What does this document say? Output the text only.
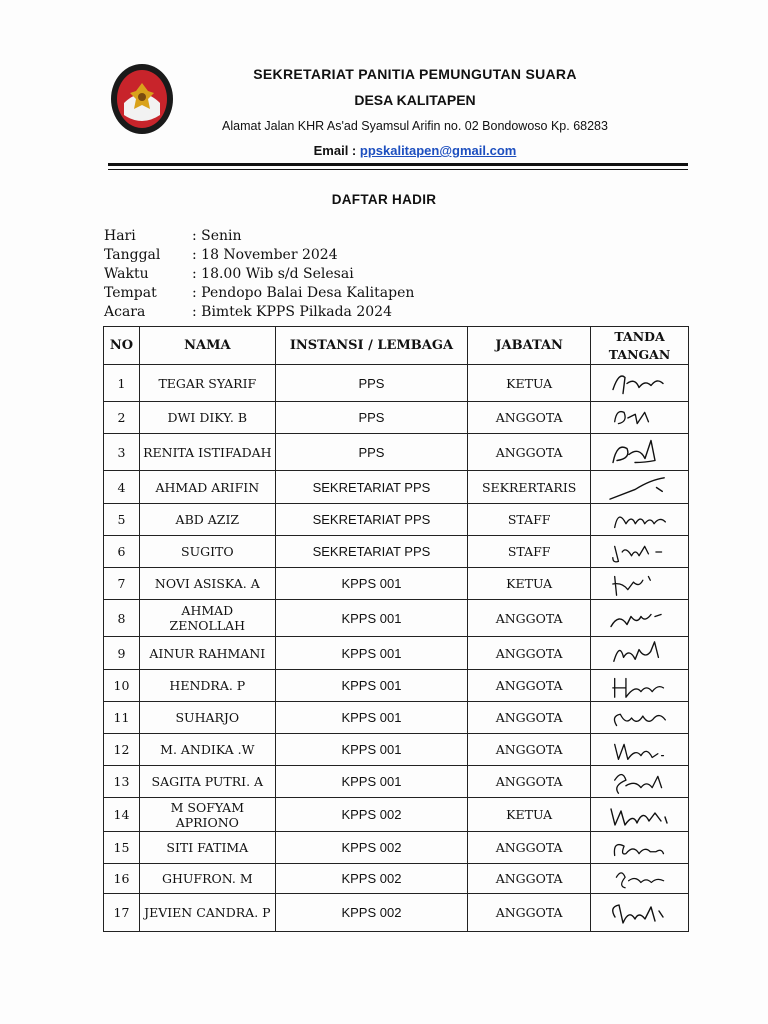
SEKRETARIAT PANITIA PEMUNGUTAN SUARA
DESA KALITAPEN
Alamat Jalan KHR As'ad Syamsul Arifin no. 02 Bondowoso Kp. 68283
Email : ppskalitapen@gmail.com
DAFTAR HADIR
Hari	: Senin
Tanggal	: 18 November 2024
Waktu	: 18.00 Wib s/d Selesai
Tempat	: Pendopo Balai Desa Kalitapen
Acara	: Bimtek KPPS Pilkada 2024
NO	NAMA	INSTANSI / LEMBAGA	JABATAN	TANDA TANGAN
1	TEGAR SYARIF	PPS	KETUA	

2	DWI DIKY. B	PPS	ANGGOTA	

3	RENITA ISTIFADAH	PPS	ANGGOTA	

4	AHMAD ARIFIN	SEKRETARIAT PPS	SEKRERTARIS	

5	ABD AZIZ	SEKRETARIAT PPS	STAFF	

6	SUGITO	SEKRETARIAT PPS	STAFF	

7	NOVI ASISKA. A	KPPS 001	KETUA	

8	AHMAD ZENOLLAH	KPPS 001	ANGGOTA	

9	AINUR RAHMANI	KPPS 001	ANGGOTA	

10	HENDRA. P	KPPS 001	ANGGOTA	

11	SUHARJO	KPPS 001	ANGGOTA	

12	M. ANDIKA .W	KPPS 001	ANGGOTA	

13	SAGITA PUTRI. A	KPPS 001	ANGGOTA	

14	M SOFYAM APRIONO	KPPS 002	KETUA	

15	SITI FATIMA	KPPS 002	ANGGOTA	

16	GHUFRON. M	KPPS 002	ANGGOTA	

17	JEVIEN CANDRA. P	KPPS 002	ANGGOTA	
